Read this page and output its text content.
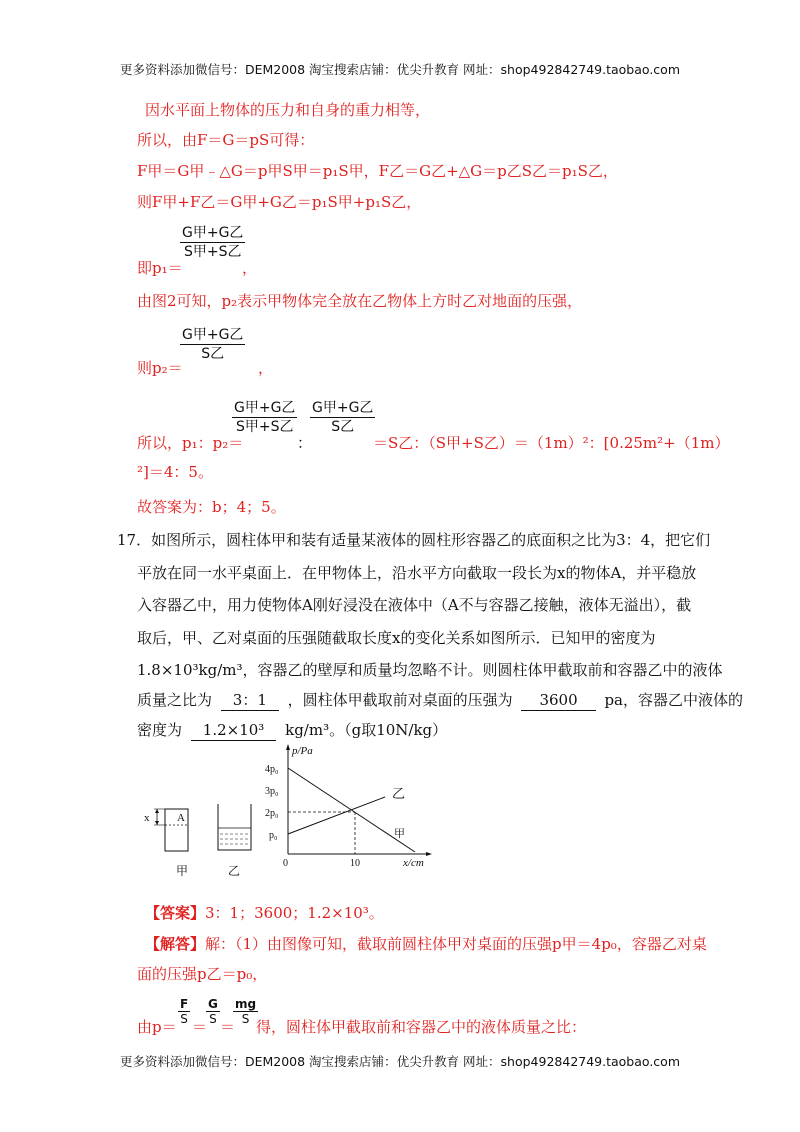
更多资料添加微信号：DEM2008 淘宝搜索店铺：优尖升教育 网址：shop492842749.taobao.com
因水平面上物体的压力和自身的重力相等，
所以，由F＝G＝pS可得：
F甲＝G甲﹣△G＝p甲S甲＝p₁S甲，F乙＝G乙+△G＝p乙S乙＝p₁S乙，
则F甲+F乙＝G甲+G乙＝p₁S甲+p₁S乙，
即p₁＝
G甲+G乙
S甲+S乙
，
由图2可知，p₂表示甲物体完全放在乙物体上方时乙对地面的压强，
则p₂＝
G甲+G乙
S乙
，
所以，p₁：p₂＝
G甲+G乙
S甲+S乙
：
G甲+G乙
S乙
＝S乙：（S甲+S乙）＝（1m）²：[0.25m²+（1m）
²]＝4：5。
故答案为：b；4；5。
17．如图所示，圆柱体甲和装有适量某液体的圆柱形容器乙的底面积之比为3：4，把它们
平放在同一水平桌面上．在甲物体上，沿水平方向截取一段长为x的物体A，并平稳放
入容器乙中，用力使物体A刚好浸没在液体中（A不与容器乙接触，液体无溢出），截
取后，甲、乙对桌面的压强随截取长度x的变化关系如图所示．已知甲的密度为
1.8×10³kg/m³，容器乙的壁厚和质量均忽略不计。则圆柱体甲截取前和容器乙中的液体
质量之比为 3：1 ，圆柱体甲截取前对桌面的压强为 3600 pa，容器乙中液体的
密度为 1.2×10³ kg/m³。（g取10N/kg）
x	A
甲	乙
p/Pa
x/cm
4p₀
3p₀
2p₀
p₀
0	10
乙
甲
【答案】3：1；3600；1.2×10³。
【解答】解：（1）由图像可知，截取前圆柱体甲对桌面的压强p甲＝4p₀，容器乙对桌
面的压强p乙＝p₀，
由p＝
$\frac{F}{S}$
＝
$\frac{G}{S}$
＝
$\frac{mg}{S}$
得，圆柱体甲截取前和容器乙中的液体质量之比：
更多资料添加微信号：DEM2008 淘宝搜索店铺：优尖升教育 网址：shop492842749.taobao.com
